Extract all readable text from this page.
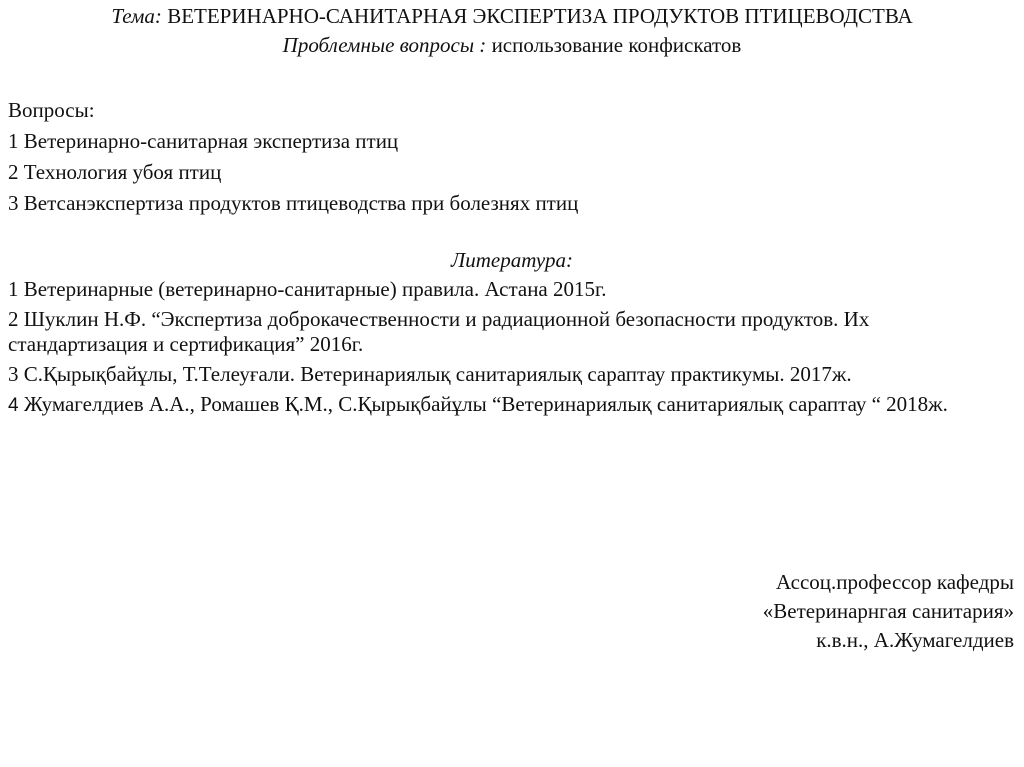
Тема: ВЕТЕРИНАРНО-САНИТАРНАЯ ЭКСПЕРТИЗА ПРОДУКТОВ ПТИЦЕВОДСТВА
Проблемные вопросы : использование конфискатов
Вопросы:
1 Ветеринарно-санитарная экспертиза птиц
2 Технология убоя птиц
3 Ветсанэкспертиза продуктов птицеводства при болезнях птиц
Литература:
1 Ветеринарные (ветеринарно-санитарные) правила. Астана 2015г.
2 Шуклин Н.Ф. “Экспертиза доброкачественности и радиационной безопасности продуктов. Их стандартизация и сертификация” 2016г.
3 С.Қырықбайұлы, Т.Телеуғали. Ветеринариялық санитариялық сараптау практикумы. 2017ж.
4 Жумагелдиев А.А., Ромашев Қ.М., С.Қырықбайұлы “Ветеринариялық санитариялық сараптау “ 2018ж.
Ассоц.профессор кафедры
«Ветеринарнгая санитария»
к.в.н., А.Жумагелдиев
